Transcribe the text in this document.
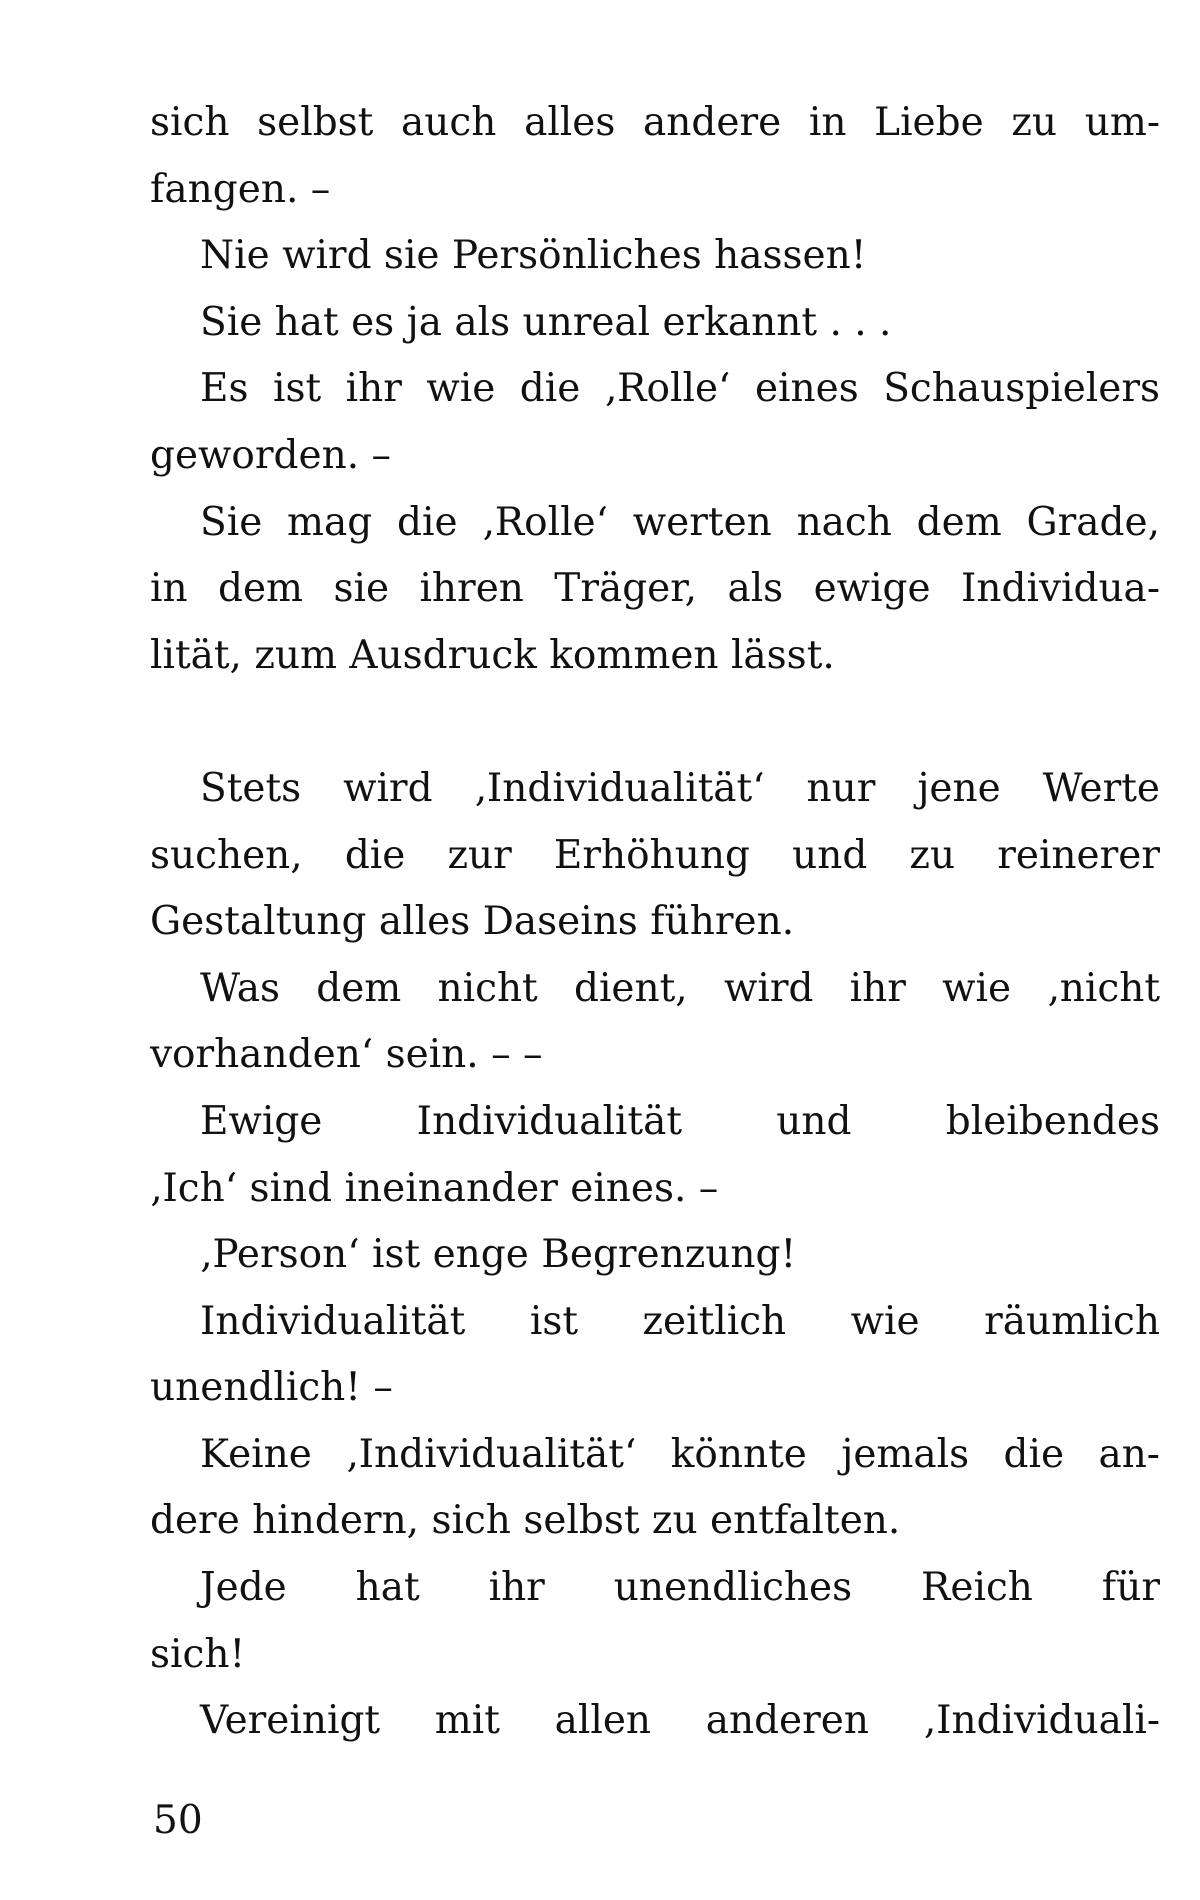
sich selbst auch alles andere in Liebe zu um-
fangen. –
Nie wird sie Persönliches hassen!
Sie hat es ja als unreal erkannt . . .
Es ist ihr wie die ‚Rolle‘ eines Schauspielers
geworden. –
Sie mag die ‚Rolle‘ werten nach dem Grade,
in dem sie ihren Träger, als ewige Individua-
lität, zum Ausdruck kommen lässt.
Stets wird ‚Individualität‘ nur jene Werte
suchen, die zur Erhöhung und zu reinerer
Gestaltung alles Daseins führen.
Was dem nicht dient, wird ihr wie ‚nicht
vorhanden‘ sein. – –
Ewige Individualität und bleibendes
‚Ich‘ sind ineinander eines. –
‚Person‘ ist enge Begrenzung!
Individualität ist zeitlich wie räumlich
unendlich! –
Keine ‚Individualität‘ könnte jemals die an-
dere hindern, sich selbst zu entfalten.
Jede hat ihr unendliches Reich für
sich!
Vereinigt mit allen anderen ‚Individuali-
50
